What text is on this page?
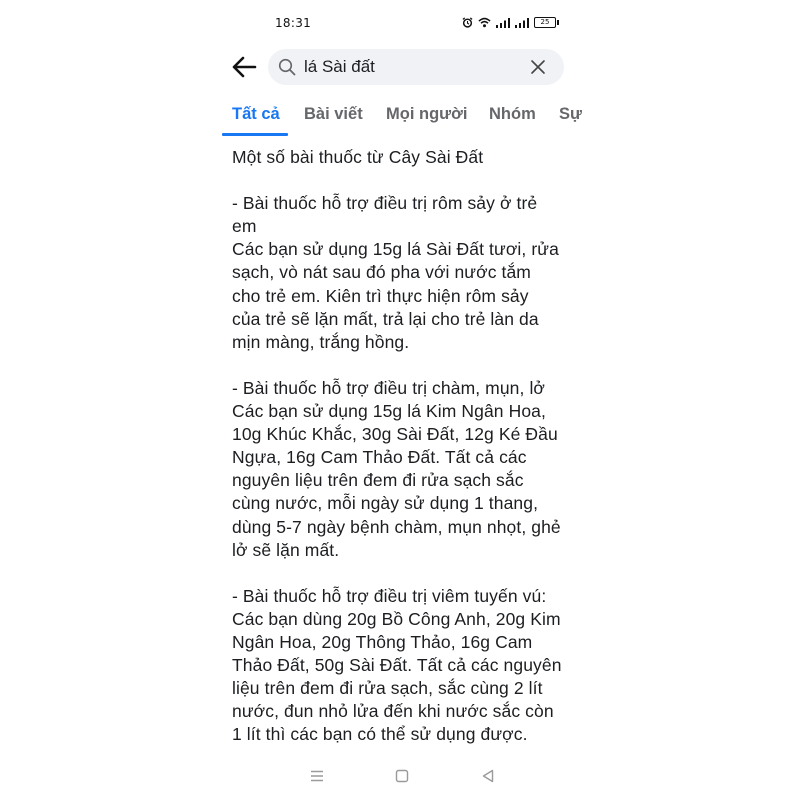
18:31	25
lá Sài đất
Tất cả Bài viết Mọi người Nhóm Sự
Một số bài thuốc từ Cây Sài Đất
- Bài thuốc hỗ trợ điều trị rôm sảy ở trẻ
em
Các bạn sử dụng 15g lá Sài Đất tươi, rửa
sạch, vò nát sau đó pha với nước tắm
cho trẻ em. Kiên trì thực hiện rôm sảy
của trẻ sẽ lặn mất, trả lại cho trẻ làn da
mịn màng, trắng hồng.
- Bài thuốc hỗ trợ điều trị chàm, mụn, lở
Các bạn sử dụng 15g lá Kim Ngân Hoa,
10g Khúc Khắc, 30g Sài Đất, 12g Ké Đầu
Ngựa, 16g Cam Thảo Đất. Tất cả các
nguyên liệu trên đem đi rửa sạch sắc
cùng nước, mỗi ngày sử dụng 1 thang,
dùng 5-7 ngày bệnh chàm, mụn nhọt, ghẻ
lở sẽ lặn mất.
- Bài thuốc hỗ trợ điều trị viêm tuyến vú:
Các bạn dùng 20g Bồ Công Anh, 20g Kim
Ngân Hoa, 20g Thông Thảo, 16g Cam
Thảo Đất, 50g Sài Đất. Tất cả các nguyên
liệu trên đem đi rửa sạch, sắc cùng 2 lít
nước, đun nhỏ lửa đến khi nước sắc còn
1 lít thì các bạn có thể sử dụng được.
